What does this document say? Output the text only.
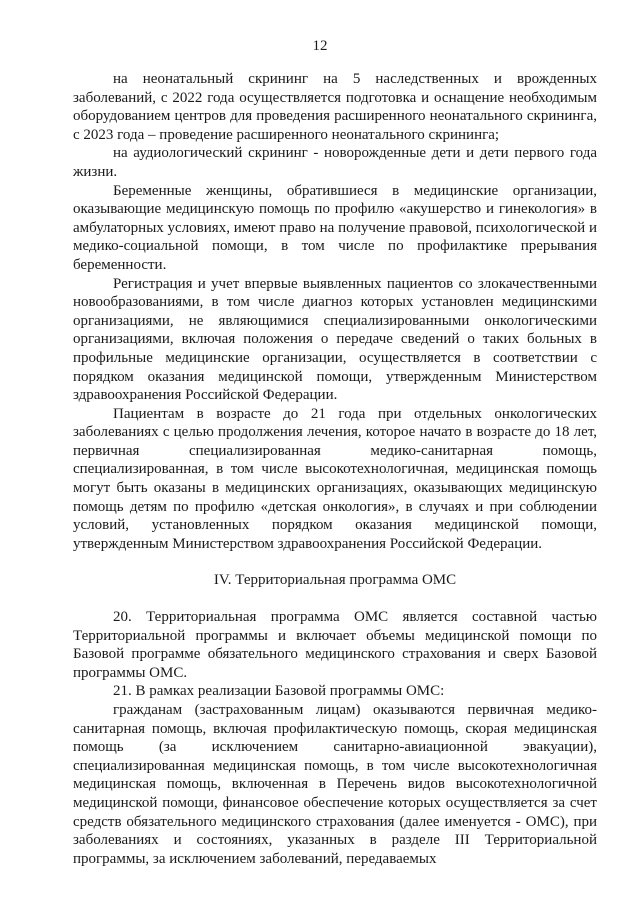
12

на неонатальный скрининг на 5 наследственных и врожденных заболеваний, с 2022 года осуществляется подготовка и оснащение необходимым оборудованием центров для проведения расширенного неонатального скрининга, с 2023 года – проведение расширенного неонатального скрининга;

на аудиологический скрининг - новорожденные дети и дети первого года жизни.

Беременные женщины, обратившиеся в медицинские организации, оказывающие медицинскую помощь по профилю «акушерство и гинекология» в амбулаторных условиях, имеют право на получение правовой, психологической и медико-социальной помощи, в том числе по профилактике прерывания беременности.

Регистрация и учет впервые выявленных пациентов со злокачественными новообразованиями, в том числе диагноз которых установлен медицинскими организациями, не являющимися специализированными онкологическими организациями, включая положения о передаче сведений о таких больных в профильные медицинские организации, осуществляется в соответствии с порядком оказания медицинской помощи, утвержденным Министерством здравоохранения Российской Федерации.

Пациентам в возрасте до 21 года при отдельных онкологических заболеваниях с целью продолжения лечения, которое начато в возрасте до 18 лет, первичная специализированная медико-санитарная помощь, специализированная, в том числе высокотехнологичная, медицинская помощь могут быть оказаны в медицинских организациях, оказывающих медицинскую помощь детям по профилю «детская онкология», в случаях и при соблюдении условий, установленных порядком оказания медицинской помощи, утвержденным Министерством здравоохранения Российской Федерации.

IV. Территориальная программа ОМС

20. Территориальная программа ОМС является составной частью Территориальной программы и включает объемы медицинской помощи по Базовой программе обязательного медицинского страхования и сверх Базовой программы ОМС.

21. В рамках реализации Базовой программы ОМС:

гражданам (застрахованным лицам) оказываются первичная медико-санитарная помощь, включая профилактическую помощь, скорая медицинская помощь (за исключением санитарно-авиационной эвакуации), специализированная медицинская помощь, в том числе высокотехнологичная медицинская помощь, включенная в Перечень видов высокотехнологичной медицинской помощи, финансовое обеспечение которых осуществляется за счет средств обязательного медицинского страхования (далее именуется - ОМС), при заболеваниях и состояниях, указанных в разделе III Территориальной программы, за исключением заболеваний, передаваемых
